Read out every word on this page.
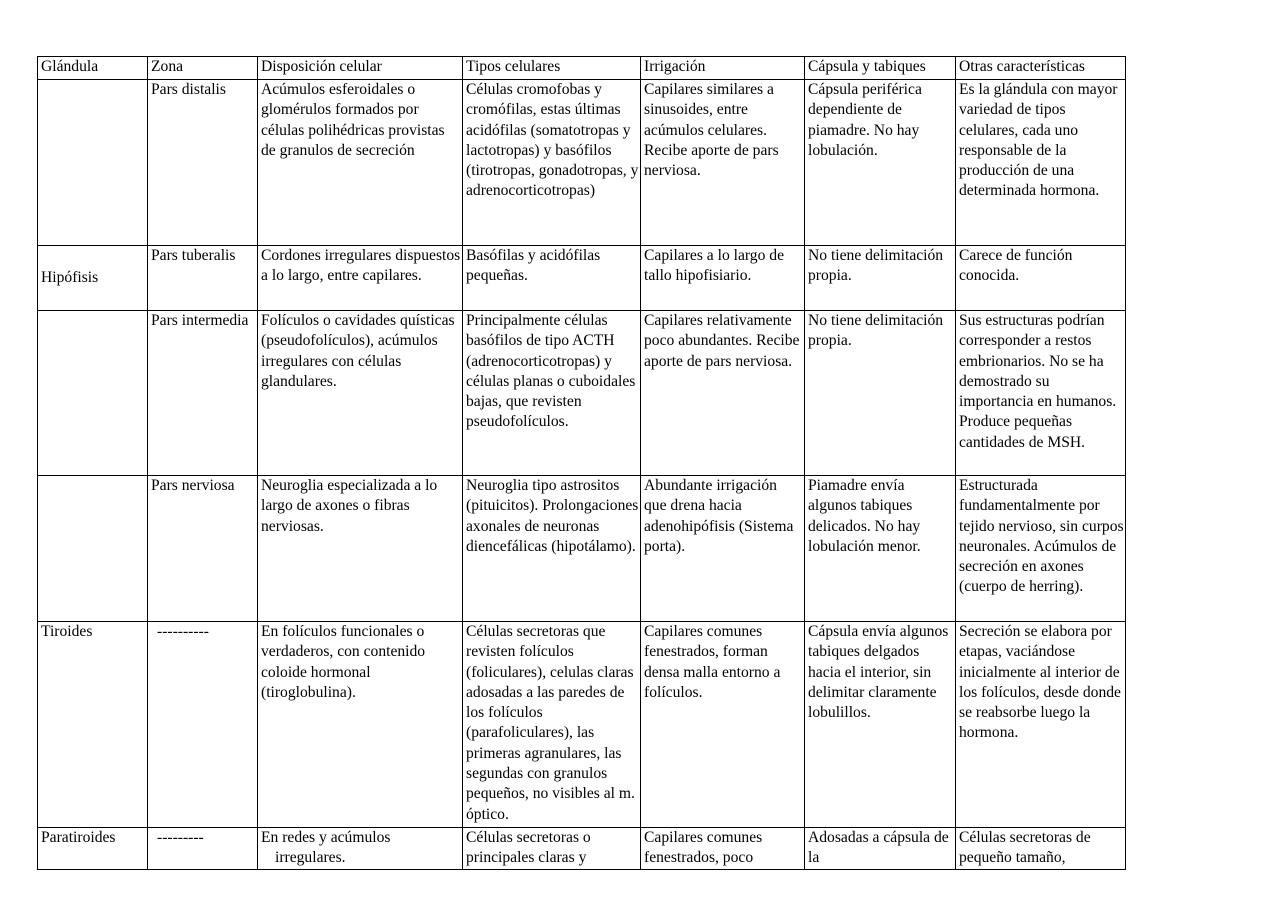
Glándula	Zona	Disposición celular	Tipos celulares	Irrigación	Cápsula y tabiques	Otras características
	Pars distalis	Acúmulos esferoidales o glomérulos formados por células polihédricas provistas de granulos de secreción	Células cromofobas y cromófilas, estas últimas acidófilas (somatotropas y lactotropas) y basófilos (tirotropas, gonadotropas, y adrenocorticotropas)	Capilares similares a sinusoides, entre acúmulos celulares. Recibe aporte de pars nerviosa.	Cápsula periférica dependiente de piamadre. No hay lobulación.	Es la glándula con mayor variedad de tipos celulares, cada uno responsable de la producción de una determinada hormona.
Hipófisis	Pars tuberalis	Cordones irregulares dispuestos a lo largo, entre capilares.	Basófilas y acidófilas pequeñas.	Capilares a lo largo de tallo hipofisiario.	No tiene delimitación propia.	Carece de función conocida.
	Pars intermedia	Folículos o cavidades quísticas (pseudofolículos), acúmulos irregulares con células glandulares.	Principalmente células basófilos de tipo ACTH (adrenocorticotropas) y células planas o cuboidales bajas, que revisten pseudofolículos.	Capilares relativamente poco abundantes. Recibe aporte de pars nerviosa.	No tiene delimitación propia.	Sus estructuras podrían corresponder a restos embrionarios. No se ha demostrado su importancia en humanos. Produce pequeñas cantidades de MSH.
	Pars nerviosa	Neuroglia especializada a lo largo de axones o fibras nerviosas.	Neuroglia tipo astrositos (pituicitos). Prolongaciones axonales de neuronas diencefálicas (hipotálamo).	Abundante irrigación que drena hacia adenohipófisis (Sistema porta).	Piamadre envía algunos tabiques delicados. No hay lobulación menor.	Estructurada fundamentalmente por tejido nervioso, sin curpos neuronales. Acúmulos de secreción en axones (cuerpo de herring).
Tiroides	----------	En folículos funcionales o verdaderos, con contenido coloide hormonal (tiroglobulina).	Células secretoras que revisten folículos (foliculares), celulas claras adosadas a las paredes de los folículos (parafoliculares), las primeras agranulares, las segundas con granulos pequeños, no visibles al m. óptico.	Capilares comunes fenestrados, forman densa malla entorno a folículos.	Cápsula envía algunos tabiques delgados hacia el interior, sin delimitar claramente lobulillos.	Secreción se elabora por etapas, vaciándose inicialmente al interior de los folículos, desde donde se reabsorbe luego la hormona.
Paratiroides	---------	En redes y acúmulos irregulares.	Células secretoras o principales claras y	Capilares comunes fenestrados, poco	Adosadas a cápsula de la	Células secretoras de pequeño tamaño,
